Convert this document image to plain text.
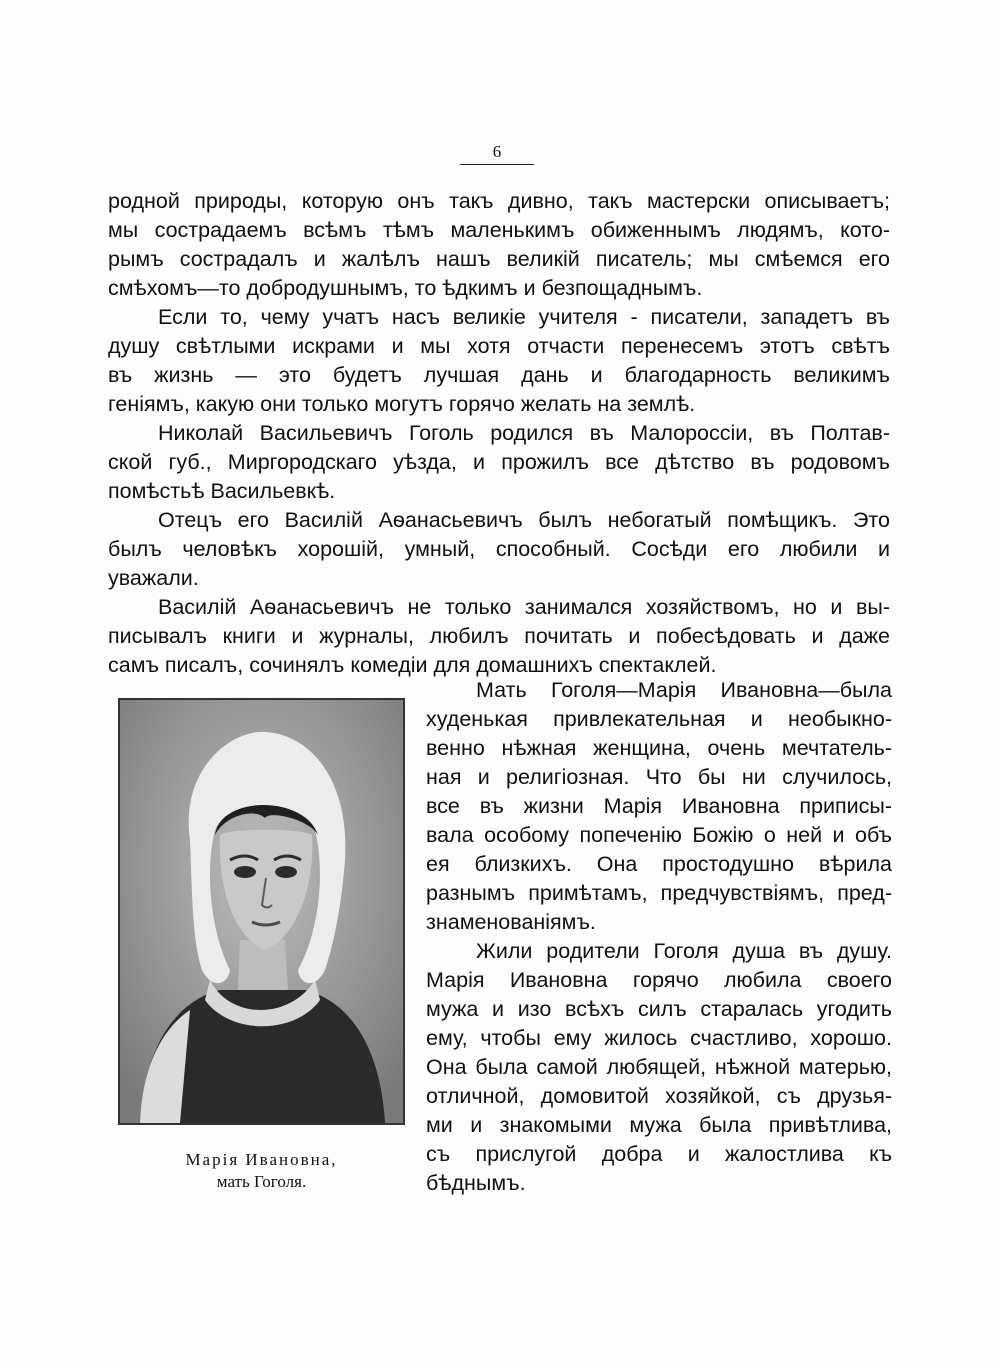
6
родной природы, которую онъ такъ дивно, такъ мастерски описываетъ;
мы сострадаемъ всѣмъ тѣмъ маленькимъ обиженнымъ людямъ, кото-
рымъ сострадалъ и жалѣлъ нашъ великій писатель; мы смѣемся его
смѣхомъ—то добродушнымъ, то ѣдкимъ и безпощаднымъ.
Если то, чему учатъ насъ великіе учителя - писатели, западетъ въ
душу свѣтлыми искрами и мы хотя отчасти перенесемъ этотъ свѣтъ
въ жизнь — это будетъ лучшая дань и благодарность великимъ
геніямъ, какую они только могутъ горячо желать на землѣ.
Николай Васильевичъ Гоголь родился въ Малороссіи, въ Полтав-
ской губ., Миргородскаго уѣзда, и прожилъ все дѣтство въ родовомъ
помѣстьѣ Васильевкѣ.
Отецъ его Василій Аѳанасьевичъ былъ небогатый помѣщикъ. Это
былъ человѣкъ хорошій, умный, способный. Сосѣди его любили и
уважали.
Василій Аѳанасьевичъ не только занимался хозяйствомъ, но и вы-
писывалъ книги и журналы, любилъ почитать и побесѣдовать и даже
самъ писалъ, сочинялъ комедіи для домашнихъ спектаклей.
Марія Ивановна,
мать Гоголя.
Мать Гоголя—Марія Ивановна—была
худенькая привлекательная и необыкно-
венно нѣжная женщина, очень мечтатель-
ная и религіозная. Что бы ни случилось,
все въ жизни Марія Ивановна приписы-
вала особому попеченію Божію о ней и объ
ея близкихъ. Она простодушно вѣрила
разнымъ примѣтамъ, предчувствіямъ, пред-
знаменованіямъ.
Жили родители Гоголя душа въ душу.
Марія Ивановна горячо любила своего
мужа и изо всѣхъ силъ старалась угодить
ему, чтобы ему жилось счастливо, хорошо.
Она была самой любящей, нѣжной матерью,
отличной, домовитой хозяйкой, съ друзья-
ми и знакомыми мужа была привѣтлива,
съ прислугой добра и жалостлива къ
бѣднымъ.
